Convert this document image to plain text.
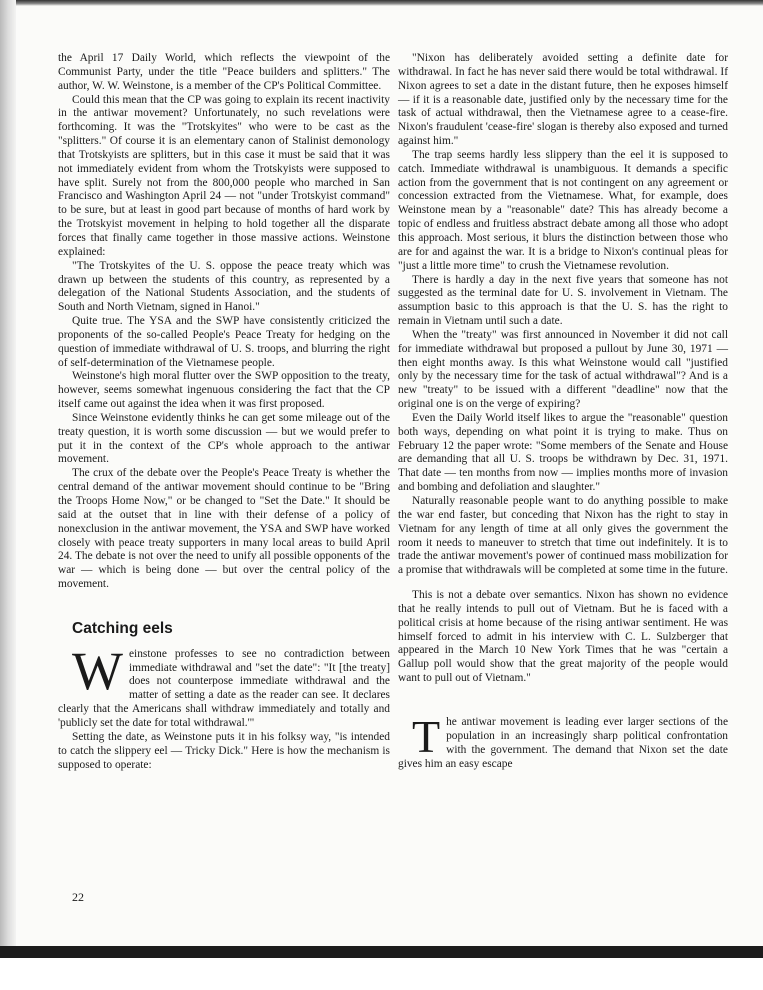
the April 17 Daily World, which reflects the viewpoint of the Communist Party, under the title "Peace builders and splitters." The author, W. W. Weinstone, is a member of the CP's Political Committee.

Could this mean that the CP was going to explain its recent inactivity in the antiwar movement? Unfortunately, no such revelations were forthcoming. It was the "Trotskyites" who were to be cast as the "splitters." Of course it is an elementary canon of Stalinist demonology that Trotskyists are splitters, but in this case it must be said that it was not immediately evident from whom the Trotskyists were supposed to have split. Surely not from the 800,000 people who marched in San Francisco and Washington April 24 — not "under Trotskyist command" to be sure, but at least in good part because of months of hard work by the Trotskyist movement in helping to hold together all the disparate forces that finally came together in those massive actions. Weinstone explained:

"The Trotskyites of the U. S. oppose the peace treaty which was drawn up between the students of this country, as represented by a delegation of the National Students Association, and the students of South and North Vietnam, signed in Hanoi."

Quite true. The YSA and the SWP have consistently criticized the proponents of the so-called People's Peace Treaty for hedging on the question of immediate withdrawal of U. S. troops, and blurring the right of self-determination of the Vietnamese people.

Weinstone's high moral flutter over the SWP opposition to the treaty, however, seems somewhat ingenuous considering the fact that the CP itself came out against the idea when it was first proposed.

Since Weinstone evidently thinks he can get some mileage out of the treaty question, it is worth some discussion — but we would prefer to put it in the context of the CP's whole approach to the antiwar movement.

The crux of the debate over the People's Peace Treaty is whether the central demand of the antiwar movement should continue to be "Bring the Troops Home Now," or be changed to "Set the Date." It should be said at the outset that in line with their defense of a policy of nonexclusion in the antiwar movement, the YSA and SWP have worked closely with peace treaty supporters in many local areas to build April 24. The debate is not over the need to unify all possible opponents of the war — which is being done — but over the central policy of the movement.

Catching eels

Weinstone professes to see no contradiction between immediate withdrawal and "set the date": "It [the treaty] does not counterpose immediate withdrawal and the matter of setting a date as the reader can see. It declares clearly that the Americans shall withdraw immediately and totally and 'publicly set the date for total withdrawal.'"

Setting the date, as Weinstone puts it in his folksy way, "is intended to catch the slippery eel — Tricky Dick." Here is how the mechanism is supposed to operate:

"Nixon has deliberately avoided setting a definite date for withdrawal. In fact he has never said there would be total withdrawal. If Nixon agrees to set a date in the distant future, then he exposes himself — if it is a reasonable date, justified only by the necessary time for the task of actual withdrawal, then the Vietnamese agree to a cease-fire. Nixon's fraudulent 'cease-fire' slogan is thereby also exposed and turned against him."

The trap seems hardly less slippery than the eel it is supposed to catch. Immediate withdrawal is unambiguous. It demands a specific action from the government that is not contingent on any agreement or concession extracted from the Vietnamese. What, for example, does Weinstone mean by a "reasonable" date? This has already become a topic of endless and fruitless abstract debate among all those who adopt this approach. Most serious, it blurs the distinction between those who are for and against the war. It is a bridge to Nixon's continual pleas for "just a little more time" to crush the Vietnamese revolution.

There is hardly a day in the next five years that someone has not suggested as the terminal date for U. S. involvement in Vietnam. The assumption basic to this approach is that the U. S. has the right to remain in Vietnam until such a date.

When the "treaty" was first announced in November it did not call for immediate withdrawal but proposed a pullout by June 30, 1971 — then eight months away. Is this what Weinstone would call "justified only by the necessary time for the task of actual withdrawal"? And is a new "treaty" to be issued with a different "deadline" now that the original one is on the verge of expiring?

Even the Daily World itself likes to argue the "reasonable" question both ways, depending on what point it is trying to make. Thus on February 12 the paper wrote: "Some members of the Senate and House are demanding that all U. S. troops be withdrawn by Dec. 31, 1971. That date — ten months from now — implies months more of invasion and bombing and defoliation and slaughter."

Naturally reasonable people want to do anything possible to make the war end faster, but conceding that Nixon has the right to stay in Vietnam for any length of time at all only gives the government the room it needs to maneuver to stretch that time out indefinitely. It is to trade the antiwar movement's power of continued mass mobilization for a promise that withdrawals will be completed at some time in the future.

This is not a debate over semantics. Nixon has shown no evidence that he really intends to pull out of Vietnam. But he is faced with a political crisis at home because of the rising antiwar sentiment. He was himself forced to admit in his interview with C. L. Sulzberger that appeared in the March 10 New York Times that he was "certain a Gallup poll would show that the great majority of the people would want to pull out of Vietnam."

The antiwar movement is leading ever larger sections of the population in an increasingly sharp political confrontation with the government. The demand that Nixon set the date gives him an easy escape

22
